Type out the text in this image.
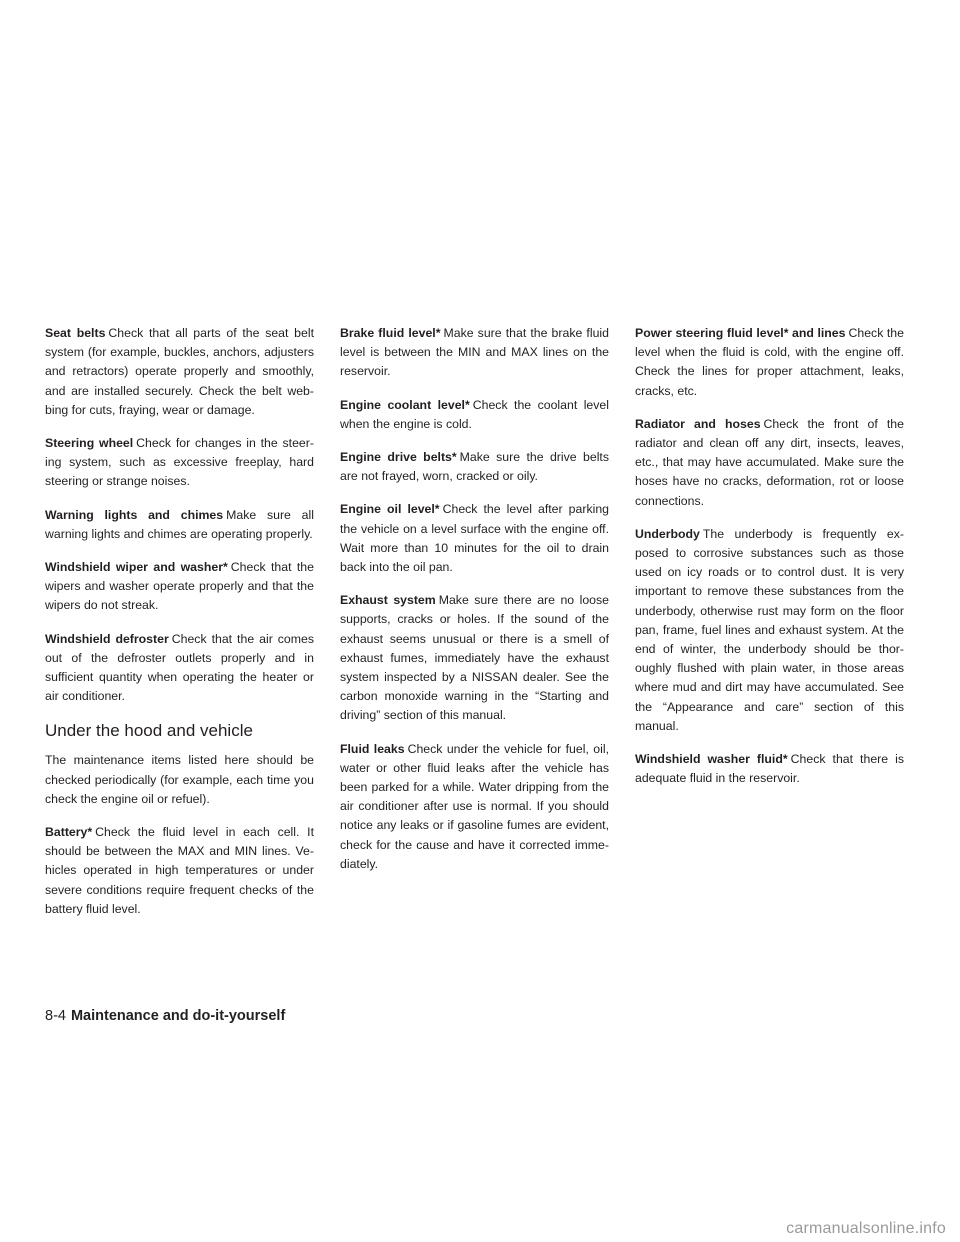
Seat belts Check that all parts of the seat belt system (for example, buckles, anchors, adjusters and retractors) operate properly and smoothly, and are installed securely. Check the belt webbing for cuts, fraying, wear or damage.

Steering wheel Check for changes in the steering system, such as excessive freeplay, hard steering or strange noises.

Warning lights and chimes Make sure all warning lights and chimes are operating properly.

Windshield wiper and washer* Check that the wipers and washer operate properly and that the wipers do not streak.

Windshield defroster Check that the air comes out of the defroster outlets properly and in sufficient quantity when operating the heater or air conditioner.

Under the hood and vehicle

The maintenance items listed here should be checked periodically (for example, each time you check the engine oil or refuel).

Battery* Check the fluid level in each cell. It should be between the MAX and MIN lines. Vehicles operated in high temperatures or under severe conditions require frequent checks of the battery fluid level.

Brake fluid level* Make sure that the brake fluid level is between the MIN and MAX lines on the reservoir.

Engine coolant level* Check the coolant level when the engine is cold.

Engine drive belts* Make sure the drive belts are not frayed, worn, cracked or oily.

Engine oil level* Check the level after parking the vehicle on a level surface with the engine off. Wait more than 10 minutes for the oil to drain back into the oil pan.

Exhaust system Make sure there are no loose supports, cracks or holes. If the sound of the exhaust seems unusual or there is a smell of exhaust fumes, immediately have the exhaust system inspected by a NISSAN dealer. See the carbon monoxide warning in the “Starting and driving” section of this manual.

Fluid leaks Check under the vehicle for fuel, oil, water or other fluid leaks after the vehicle has been parked for a while. Water dripping from the air conditioner after use is normal. If you should notice any leaks or if gasoline fumes are evident, check for the cause and have it corrected immediately.

Power steering fluid level* and lines Check the level when the fluid is cold, with the engine off. Check the lines for proper attachment, leaks, cracks, etc.

Radiator and hoses Check the front of the radiator and clean off any dirt, insects, leaves, etc., that may have accumulated. Make sure the hoses have no cracks, deformation, rot or loose connections.

Underbody The underbody is frequently exposed to corrosive substances such as those used on icy roads or to control dust. It is very important to remove these substances from the underbody, otherwise rust may form on the floor pan, frame, fuel lines and exhaust system. At the end of winter, the underbody should be thoroughly flushed with plain water, in those areas where mud and dirt may have accumulated. See the “Appearance and care” section of this manual.

Windshield washer fluid* Check that there is adequate fluid in the reservoir.

8-4 Maintenance and do-it-yourself
carmanualsonline.info
